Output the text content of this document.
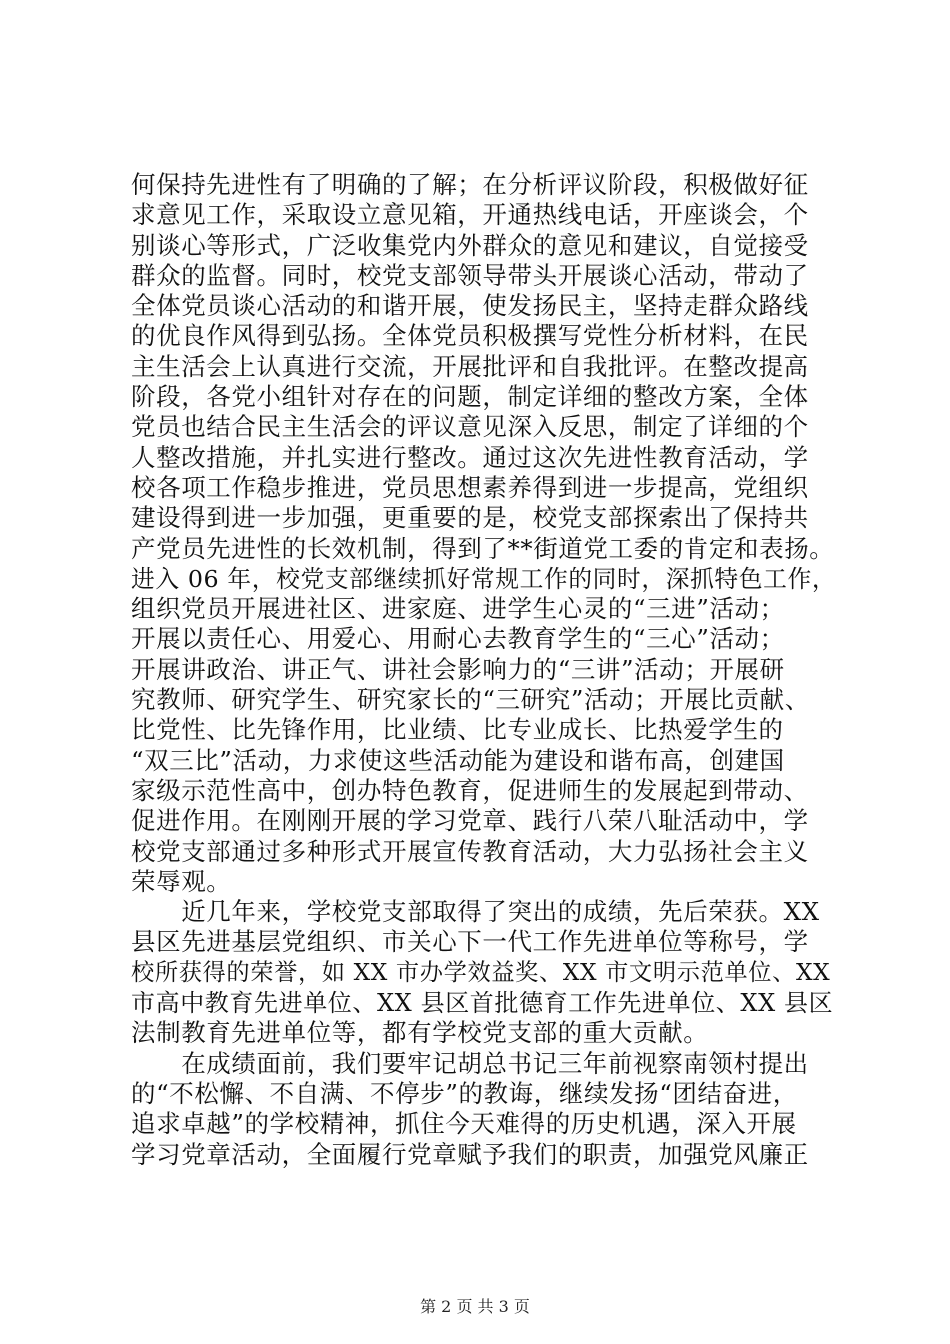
何保持先进性有了明确的了解；在分析评议阶段，积极做好征
求意见工作，采取设立意见箱，开通热线电话，开座谈会，个
别谈心等形式，广泛收集党内外群众的意见和建议，自觉接受
群众的监督。同时，校党支部领导带头开展谈心活动，带动了
全体党员谈心活动的和谐开展，使发扬民主，坚持走群众路线
的优良作风得到弘扬。全体党员积极撰写党性分析材料，在民
主生活会上认真进行交流，开展批评和自我批评。在整改提高
阶段，各党小组针对存在的问题，制定详细的整改方案，全体
党员也结合民主生活会的评议意见深入反思，制定了详细的个
人整改措施，并扎实进行整改。通过这次先进性教育活动，学
校各项工作稳步推进，党员思想素养得到进一步提高，党组织
建设得到进一步加强，更重要的是，校党支部探索出了保持共
产党员先进性的长效机制，得到了**街道党工委的肯定和表扬。
进入 06 年，校党支部继续抓好常规工作的同时，深抓特色工作，
组织党员开展进社区、进家庭、进学生心灵的“三进”活动；
开展以责任心、用爱心、用耐心去教育学生的“三心”活动；
开展讲政治、讲正气、讲社会影响力的“三讲”活动；开展研
究教师、研究学生、研究家长的“三研究”活动；开展比贡献、
比党性、比先锋作用，比业绩、比专业成长、比热爱学生的
“双三比”活动，力求使这些活动能为建设和谐布高，创建国
家级示范性高中，创办特色教育，促进师生的发展起到带动、
促进作用。在刚刚开展的学习党章、践行八荣八耻活动中，学
校党支部通过多种形式开展宣传教育活动，大力弘扬社会主义
荣辱观。
　　近几年来，学校党支部取得了突出的成绩，先后荣获。XX
县区先进基层党组织、市关心下一代工作先进单位等称号，学
校所获得的荣誉，如 XX 市办学效益奖、XX 市文明示范单位、XX
市高中教育先进单位、XX 县区首批德育工作先进单位、XX 县区
法制教育先进单位等，都有学校党支部的重大贡献。
　　在成绩面前，我们要牢记胡总书记三年前视察南领村提出
的“不松懈、不自满、不停步”的教诲，继续发扬“团结奋进，
追求卓越”的学校精神，抓住今天难得的历史机遇，深入开展
学习党章活动，全面履行党章赋予我们的职责，加强党风廉正
第 2 页 共 3 页
